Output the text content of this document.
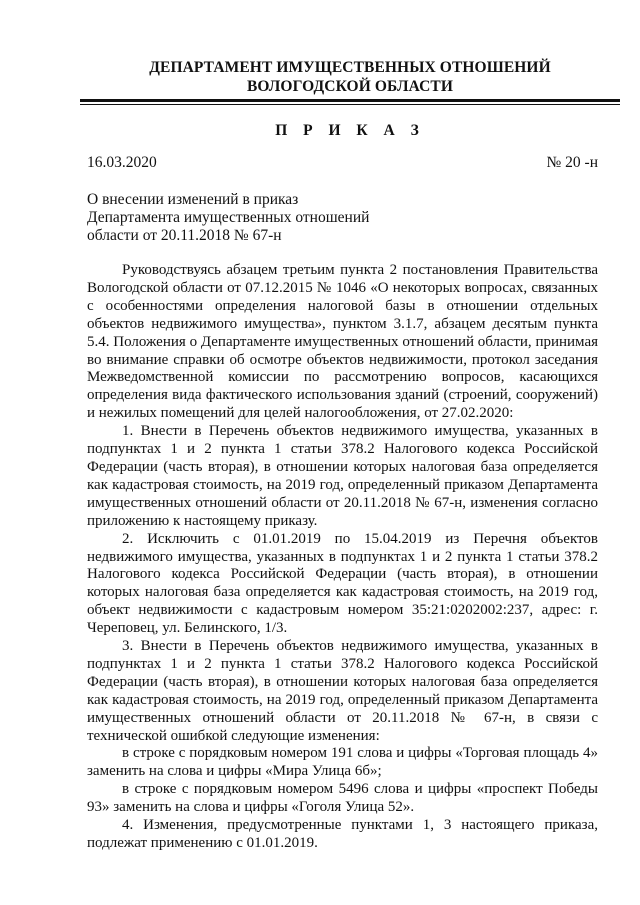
ДЕПАРТАМЕНТ ИМУЩЕСТВЕННЫХ ОТНОШЕНИЙ
ВОЛОГОДСКОЙ ОБЛАСТИ
П Р И К А З
16.03.2020	№ 20 -н
О внесении изменений в приказ
Департамента имущественных отношений
области от 20.11.2018 № 67-н

Руководствуясь абзацем третьим пункта 2 постановления Правительства Вологодской области от 07.12.2015 № 1046 «О некоторых вопросах, связанных с особенностями определения налоговой базы в отношении отдельных объектов недвижимого имущества», пунктом 3.1.7, абзацем десятым пункта 5.4. Положения о Департаменте имущественных отношений области, принимая во внимание справки об осмотре объектов недвижимости, протокол заседания Межведомственной комиссии по рассмотрению вопросов, касающихся определения вида фактического использования зданий (строений, сооружений) и нежилых помещений для целей налогообложения, от 27.02.2020:

1. Внести в Перечень объектов недвижимого имущества, указанных в подпунктах 1 и 2 пункта 1 статьи 378.2 Налогового кодекса Российской Федерации (часть вторая), в отношении которых налоговая база определяется как кадастровая стоимость, на 2019 год, определенный приказом Департамента имущественных отношений области от 20.11.2018 № 67-н, изменения согласно приложению к настоящему приказу.

2. Исключить с 01.01.2019 по 15.04.2019 из Перечня объектов недвижимого имущества, указанных в подпунктах 1 и 2 пункта 1 статьи 378.2 Налогового кодекса Российской Федерации (часть вторая), в отношении которых налоговая база определяется как кадастровая стоимость, на 2019 год, объект недвижимости с кадастровым номером 35:21:0202002:237, адрес: г. Череповец, ул. Белинского, 1/3.

3. Внести в Перечень объектов недвижимого имущества, указанных в подпунктах 1 и 2 пункта 1 статьи 378.2 Налогового кодекса Российской Федерации (часть вторая), в отношении которых налоговая база определяется как кадастровая стоимость, на 2019 год, определенный приказом Департамента имущественных отношений области от 20.11.2018 № 67-н, в связи с технической ошибкой следующие изменения:

в строке с порядковым номером 191 слова и цифры «Торговая площадь 4» заменить на слова и цифры «Мира Улица 6б»;

в строке с порядковым номером 5496 слова и цифры «проспект Победы 93» заменить на слова и цифры «Гоголя Улица 52».

4. Изменения, предусмотренные пунктами 1, 3 настоящего приказа, подлежат применению с 01.01.2019.
